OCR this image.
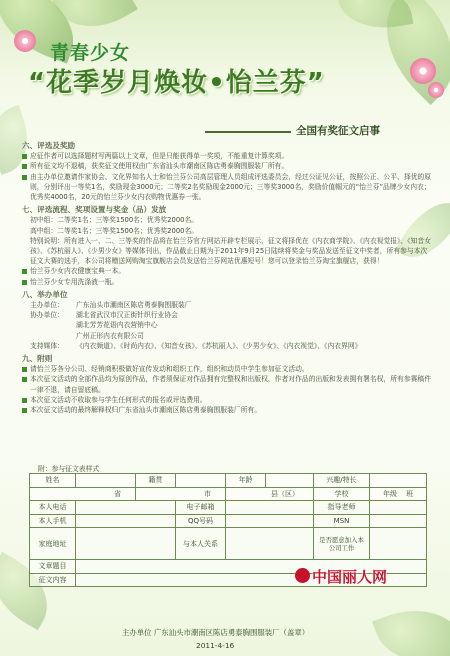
青春少女
“花季岁月焕妆•怡兰芬”
全国有奖征文启事
六、评选及奖励
应征作者可以选择题材写两篇以上文章，但是只能获得单一奖项，不能重复计算奖项。
所有征文均不退稿，获奖征文使用权由广东省汕头市潮南区陈店勇泰胸围服装厂所有。
由主办单位邀请作家协会、文化界知名人士和怡兰芬公司高层管理人员组成评选委员会，经过公证见公证，按照公正、公平、择优的原则，分别评出一等奖1名，奖励现金3000元；二等奖2名奖励现金2000元；三等奖3000名，奖励价值帼元的“怡兰芬”品牌少女内衣；优秀奖4000名，20元的怡兰芬少女内衣购物优惠券一张。
七、评选流程、奖项设置与奖金（品）发放
初中组：二等奖1名；三等奖1500名；优秀奖2000名。
高中组：二等奖1名；三等奖1500名；优秀奖2000名。
特别说明：所有进入一、二、三等奖的作品将在怡兰芬官方网站开辟专栏展示，征文将择优在《内衣商学院》、《内衣视觉报》、《知音女孩》、《苏杭丽人》、《少男少女》等媒体刊出，作品截止日期为于2011年9月25日陆续将奖金与奖品发送至征文中奖者，所有参与本次征文大赛的选手，本公司将赠送网购淘宝旗舰店会员发送怡兰芬网站优惠短号！您可以登录怡兰芬淘宝旗舰店，获得！
怡兰芬少女内衣健康宝典一本。
怡兰芬少女专用洗涤液一瓶。
八、举办单位
主办单位：	广东汕头市潮南区陈店勇泰胸围服装厂
协办单位：	湖北省武汉市汉正街针织行业协会
湖北芳芳花语内衣营销中心
广州正形内衣有限公司
支持媒体：	《内衣频道》、《时尚内衣》、《知音女孩》、《苏杭丽人》、《少男少女》、《内衣视觉》、《内衣界网》
九、附则
请怡兰芬各分公司、经销商积极做好宣传发动和组织工作，组织和动员中学生参加征文活动。
本次征文活动的全部作品均为原创作品，作者须保证对作品拥有完整权和出版权，作者对作品的出版和发表拥有署名权，所有参赛稿件一律不退，请自留底稿。
本次征文活动不收取参与学生任何形式的报名或评选费用。
本次征文活动的最终解释权归广东省汕头市潮南区陈店勇泰胸围服装厂所有。
附：参与征文表样式
姓名		籍贯		年龄		兴趣/特长	
省		市		县（区）		学校	年级 班
本人电话			电子邮箱			指导老师	
本人手机			QQ号码			MSN	
家庭地址			与本人关系			是否愿意加入本公司工作	
文章题目							
征文内容								中国丽人网
主办单位 广东汕头市潮南区陈店勇泰胸围服装厂（盖章）
2011-4-16
